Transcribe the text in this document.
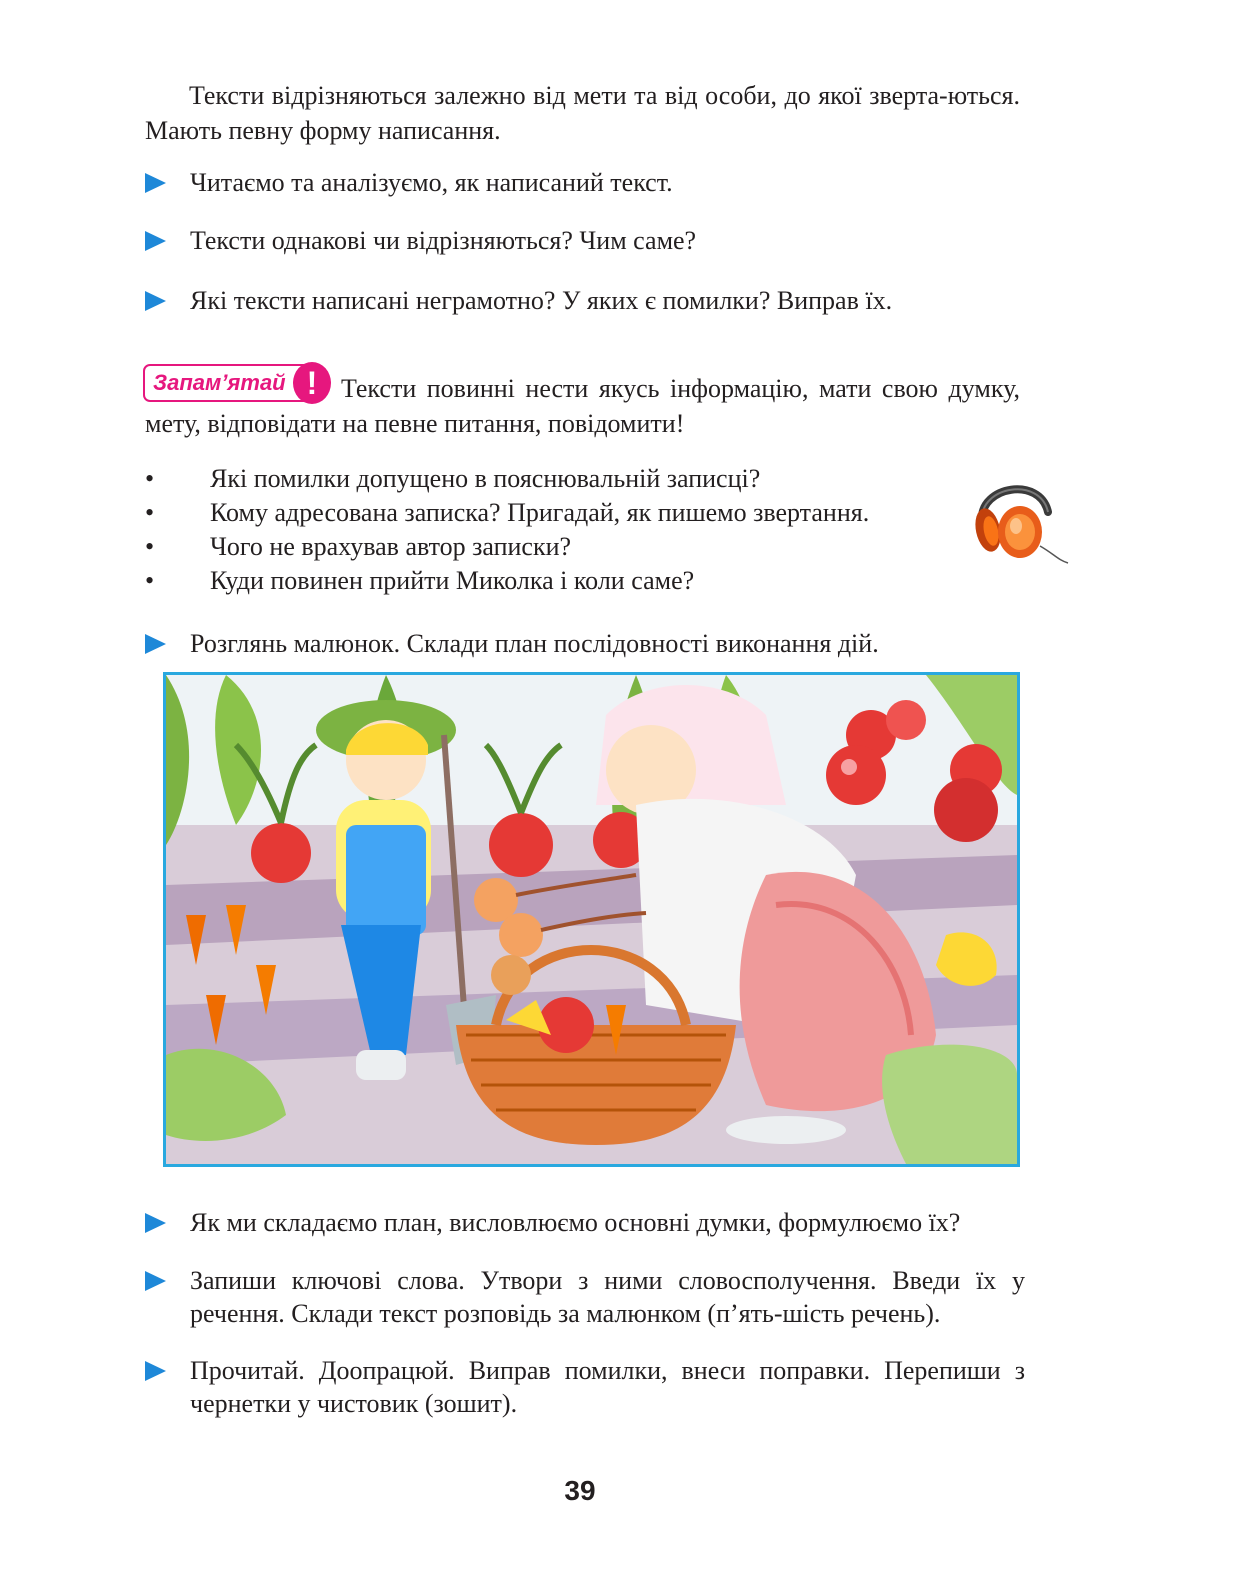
Тексти відрізняються залежно від мети та від особи, до якої зверта-ються. Мають певну форму написання.

Читаємо та аналізуємо, як написаний текст.
Тексти однакові чи відрізняються? Чим саме?
Які тексти написані неграмотно? У яких є помилки? Виправ їх.

Тексти повинні нести якусь інформацію, мати свою думку, мету, відповідати на певне питання, повідомити!

Запам’ятай !
• Які помилки допущено в пояснювальній записці?
• Кому адресована записка? Пригадай, як пишемо звертання.
• Чого не врахував автор записки?
• Куди повинен прийти Миколка і коли саме?
Розглянь малюнок. Склади план послідовності виконання дій.
Як ми складаємо план, висловлюємо основні думки, формулюємо їх?
Запиши ключові слова. Утвори з ними словосполучення. Введи їх у речення. Склади текст розповідь за малюнком (п’ять-шість речень).
Прочитай. Доопрацюй. Виправ помилки, внеси поправки. Перепиши з чернетки у чистовик (зошит).
39
